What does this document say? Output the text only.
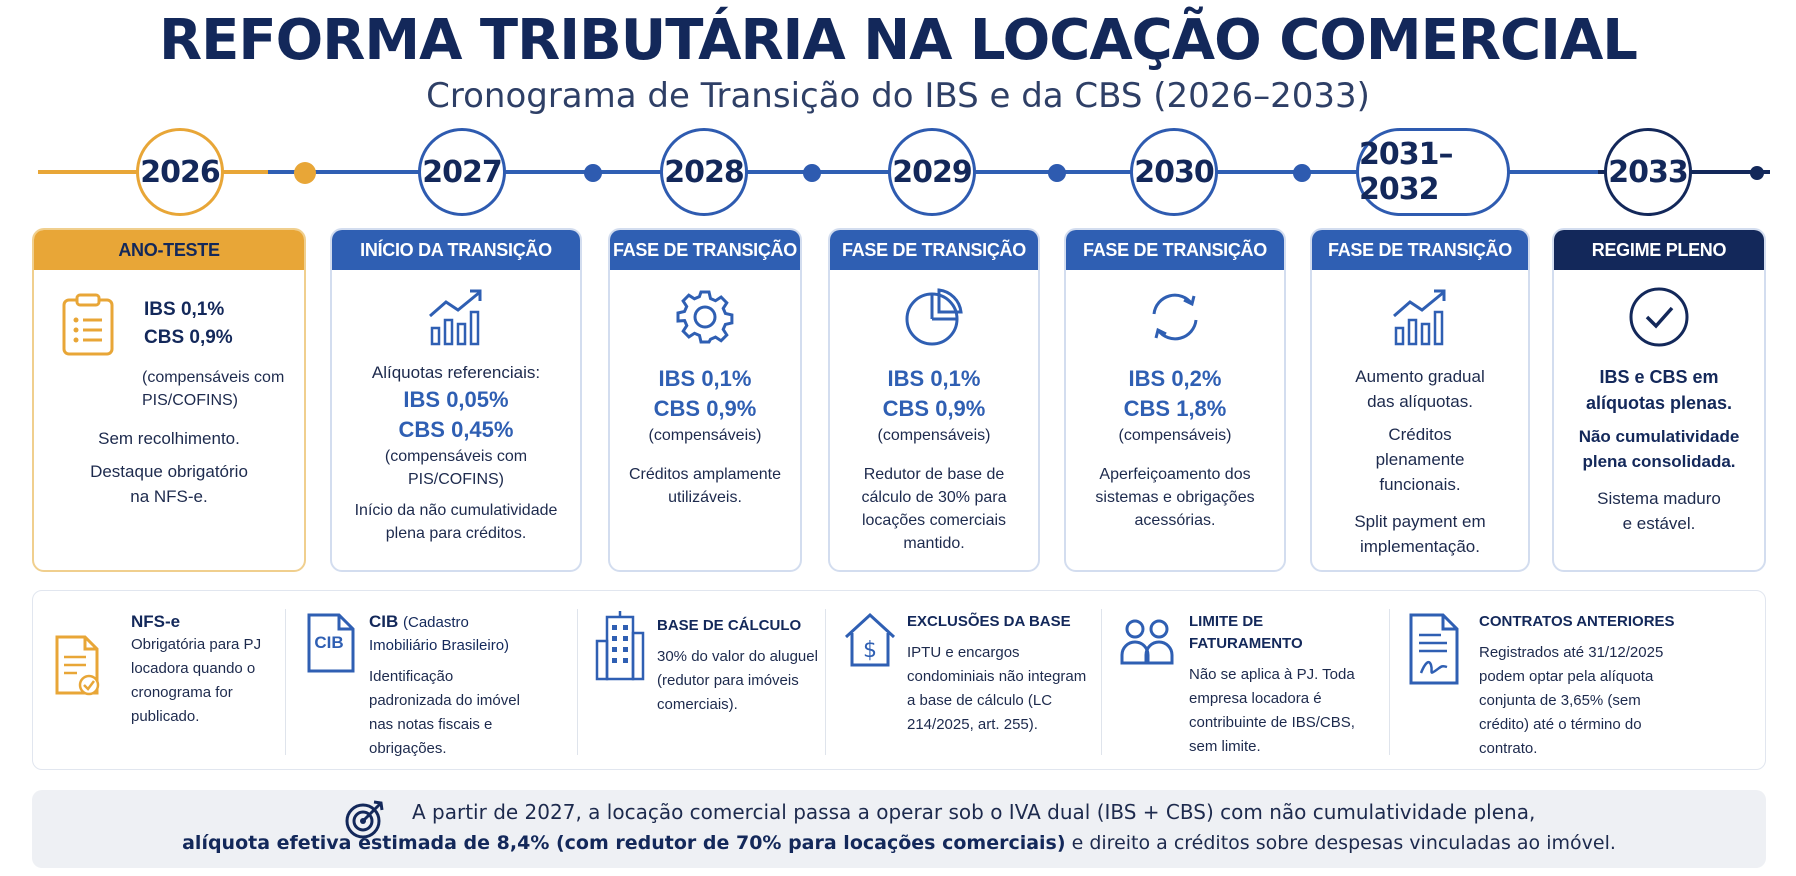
REFORMA TRIBUTÁRIA NA LOCAÇÃO COMERCIAL
Cronograma de Transição do IBS e da CBS (2026–2033)
2026	2027	2028	2029	2030	2031–2032	2033
ANO-TESTE
IBS 0,1%
CBS 0,9%
(compensáveis com PIS/COFINS)
Sem recolhimento.
Destaque obrigatório na NFS-e.
INÍCIO DA TRANSIÇÃO
Alíquotas referenciais:
IBS 0,05%
CBS 0,45%
(compensáveis com PIS/COFINS)
Início da não cumulatividade plena para créditos.
FASE DE TRANSIÇÃO
IBS 0,1%
CBS 0,9%
(compensáveis)
Créditos amplamente utilizáveis.
FASE DE TRANSIÇÃO
IBS 0,1%
CBS 0,9%
(compensáveis)
Redutor de base de cálculo de 30% para locações comerciais mantido.
FASE DE TRANSIÇÃO
IBS 0,2%
CBS 1,8%
(compensáveis)
Aperfeiçoamento dos sistemas e obrigações acessórias.
FASE DE TRANSIÇÃO
Aumento gradual das alíquotas.
Créditos plenamente funcionais.
Split payment em implementação.
REGIME PLENO
IBS e CBS em alíquotas plenas.
Não cumulatividade plena consolidada.
Sistema maduro e estável.
NFS-e
Obrigatória para PJ locadora quando o cronograma for publicado.
CIB
CIB (Cadastro Imobiliário Brasileiro)
Identificação padronizada do imóvel nas notas fiscais e obrigações.
BASE DE CÁLCULO
30% do valor do aluguel (redutor para imóveis comerciais).
$
EXCLUSÕES DA BASE
IPTU e encargos condominiais não integram a base de cálculo (LC 214/2025, art. 255).
LIMITE DE FATURAMENTO
Não se aplica à PJ. Toda empresa locadora é contribuinte de IBS/CBS, sem limite.
CONTRATOS ANTERIORES
Registrados até 31/12/2025 podem optar pela alíquota conjunta de 3,65% (sem crédito) até o término do contrato.
A partir de 2027, a locação comercial passa a operar sob o IVA dual (IBS + CBS) com não cumulatividade plena,
alíquota efetiva estimada de 8,4% (com redutor de 70% para locações comerciais) e direito a créditos sobre despesas vinculadas ao imóvel.
